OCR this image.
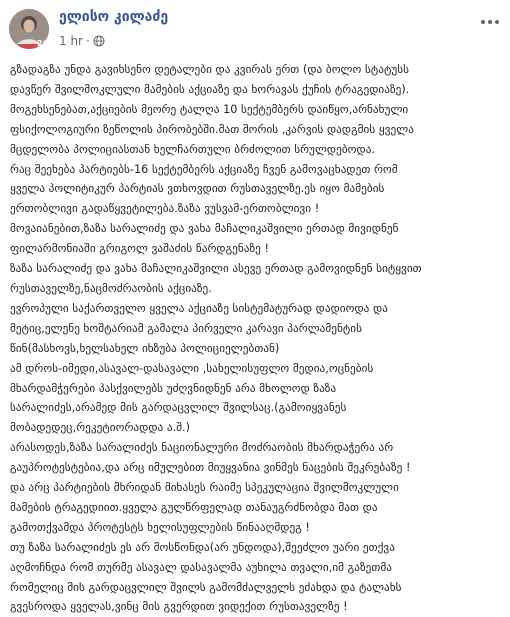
26
ელისო კილაძე
1 hr ·

გზადაგზა უნდა გავიხსენო დეტალები და კვირას ერთ (და ბოლო სტატუსს

დავწერ შვილმოკლული მამების აქციაზე და ხორავას ქუჩის ტრაგედიაზე).

მოგეხსენებათ,აქციების მეორე ტალღა 10 სექტემბერს დაიწყო,არნახული

ფსიქოლოგიური ზეწოლის პირობებში.მათ შორის ,კარვის დადგმის ყველა

მცდელობა პოლიციასთან ხელჩართული ბრძოლით სრულდებოდა.

რაც შეეხება პარტიებს-16 სექტემბერს აქციაზე ჩვენ გამოვაცხადეთ რომ

ყველა პოლიტიკურ პარტიას ვთხოვდით რუსთაველზე.ეს იყო მამების

ერთობლივი გადაწყვეტილება.ზაზა ვუსვამ-ერთობლივი !

მოვაიანებით,ზაზა სარალიძე და ვახა მაჩალიკაშვილი ერთად მივიდნენ

ფილარმონიაში გრიგოლ ვაშაძის წარდგენაზე !

ზაზა სარალიძე და ვახა მაჩალიკაშვილი ასევე ერთად გამოვიდნენ სიტყვით

რუსთაველზე,ნაცმოძრაობის აქციაზე.

ევროპული საქართველო ყველა აქციაზე სისტემატურად დადიოდა და

მეტიც,ელენე ხოშტარიამ გამალა პირველი კარავი პარლამენტის

წინ(მასხოვს,ხელსახელ იხზუბა პოლიციელებთან)

ამ დროს-იმედი,ასავალ-დასავალი ,სახელისუფლო მედია,ოცნების

მხარდამჭერები პასქვილებს უძღვნიდნენ არა მხოლოდ ზაზა

სარალიძეს,არამედ მის გარდაცვლილ შვილსაც.(გამოიყვანეს

მობადედეც,რეკეტიორადდა ა.შ.)

არასოდეს,ზაზა სარალიძეს ნაციონალური მოძრაობის მხარდაჭერა არ

გაუპროტესტებია,და არც იმულებით მიუყვანია ვინმეს ნაცების შეკრებაზე !

და არც პარტიების მხრიდან მიხასეს რაიმე სპეკულაცია შვილმოკლული

მამების ტრაგედიით.ყველა გულწრფელად თანაუგრძნობდა მათ და

გამოთქვამდა პროტესტს ხელისუფლების წინააღმდეგ !

თუ ზაზა სარალიძეს ეს არ მოსწონდა(არ უნდოდა),შეეძლო უარი ეთქვა

აღმოჩნდა რომ თურმე ასავალ დასავალმა აუხილა თვალი,იმ გაზეთმა

რომელიც მის გარდაცვლილ შვილს გამომძალველს ეძახდა და ტალახს

გვესროდა ყველას,ვინც მის გვერდით ვიდექით რუსთაველზე !
